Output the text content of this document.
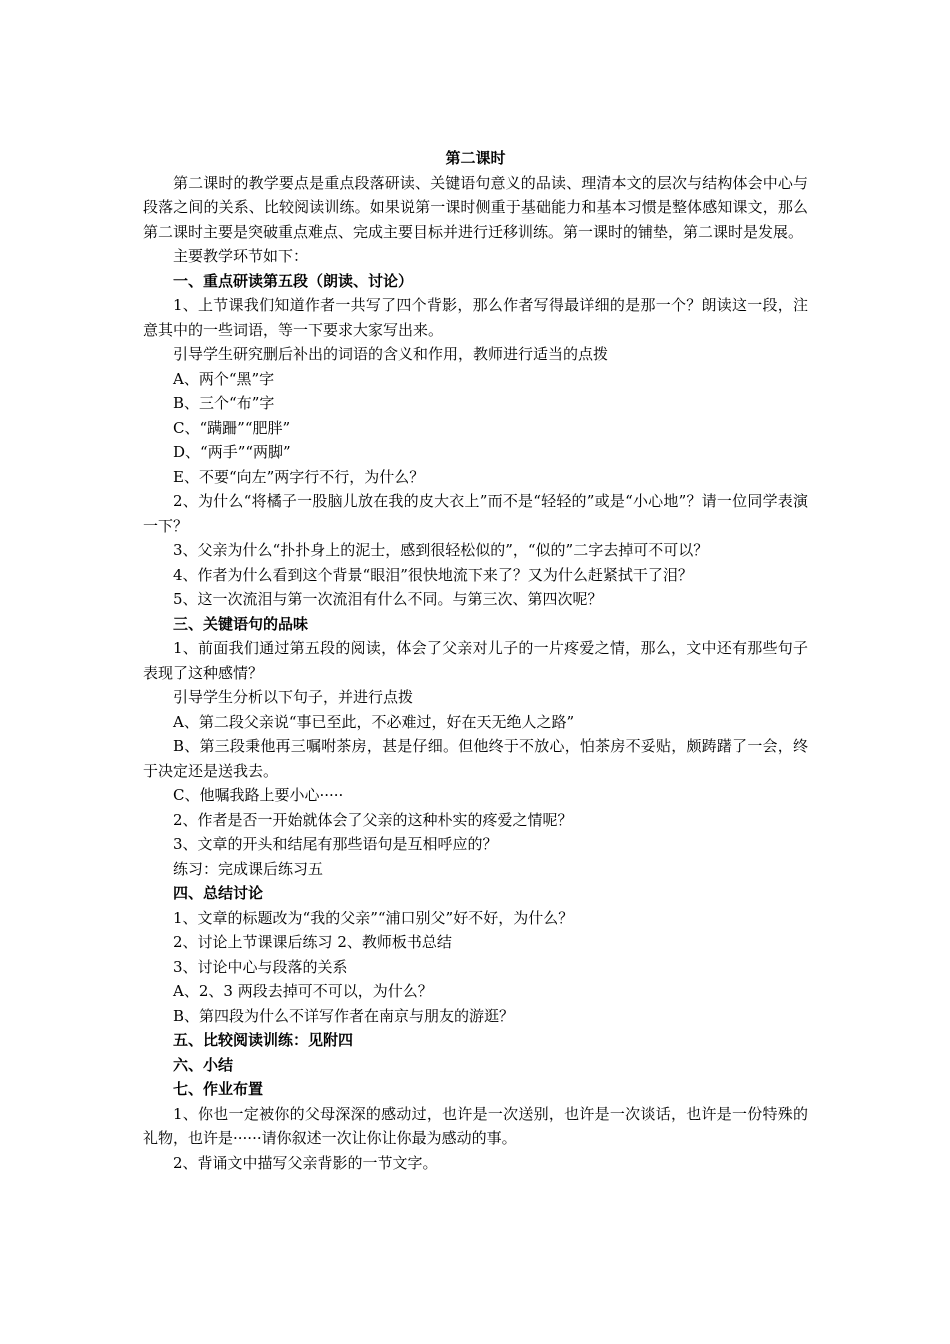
第二课时

第二课时的教学要点是重点段落研读、关键语句意义的品读、理清本文的层次与结构体会中心与段落之间的关系、比较阅读训练。如果说第一课时侧重于基础能力和基本习惯是整体感知课文，那么第二课时主要是突破重点难点、完成主要目标并进行迁移训练。第一课时的铺垫，第二课时是发展。

主要教学环节如下：

一、重点研读第五段（朗读、讨论）

1、上节课我们知道作者一共写了四个背影，那么作者写得最详细的是那一个？朗读这一段，注意其中的一些词语，等一下要求大家写出来。

引导学生研究删后补出的词语的含义和作用，教师进行适当的点拨

A、两个“黑”字

B、三个“布”字

C、“蹒跚”“肥胖”

D、“两手”“两脚”

E、不要“向左”两字行不行，为什么？

2、为什么“将橘子一股脑儿放在我的皮大衣上”而不是“轻轻的”或是“小心地”？请一位同学表演一下？

3、父亲为什么“扑扑身上的泥士，感到很轻松似的”，“似的”二字去掉可不可以？

4、作者为什么看到这个背景“眼泪”很快地流下来了？又为什么赶紧拭干了泪？

5、这一次流泪与第一次流泪有什么不同。与第三次、第四次呢？

三、关键语句的品味

1、前面我们通过第五段的阅读，体会了父亲对儿子的一片疼爱之情，那么，文中还有那些句子表现了这种感情？

引导学生分析以下句子，并进行点拨

A、第二段父亲说“事已至此，不必难过，好在天无绝人之路”

B、第三段秉他再三嘱咐茶房，甚是仔细。但他终于不放心，怕茶房不妥贴，颇踌躇了一会，终于决定还是送我去。

C、他嘱我路上要小心·····

2、作者是否一开始就体会了父亲的这种朴实的疼爱之情呢？

3、文章的开头和结尾有那些语句是互相呼应的？

练习：完成课后练习五

四、总结讨论

1、文章的标题改为“我的父亲”“浦口别父”好不好，为什么？

2、讨论上节课课后练习 2、教师板书总结

3、讨论中心与段落的关系

A、2、3 两段去掉可不可以，为什么？

B、第四段为什么不详写作者在南京与朋友的游逛？

五、比较阅读训练：见附四

六、小结

七、作业布置

1、你也一定被你的父母深深的感动过，也许是一次送别，也许是一次谈话，也许是一份特殊的礼物，也许是······请你叙述一次让你让你最为感动的事。

2、背诵文中描写父亲背影的一节文字。
